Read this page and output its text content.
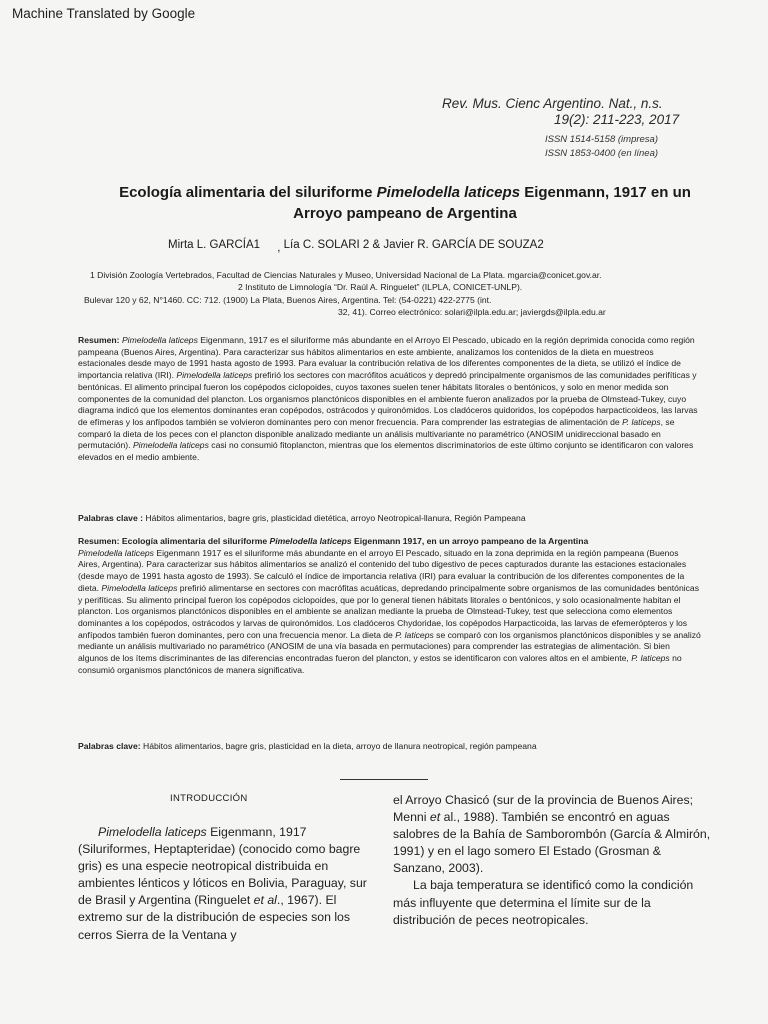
Machine Translated by Google
Rev. Mus. Cienc Argentino. Nat., n.s.
19(2): 211-223, 2017
ISSN 1514-5158 (impresa)
ISSN 1853-0400 (en línea)
Ecología alimentaria del siluriforme Pimelodella laticeps Eigenmann, 1917 en un
Arroyo pampeano de Argentina
Mirta L. GARCÍA1 , Lía C. SOLARI 2 & Javier R. GARCÍA DE SOUZA2
1 División Zoología Vertebrados, Facultad de Ciencias Naturales y Museo, Universidad Nacional de La Plata. mgarcia@conicet.gov.ar.
2 Instituto de Limnología “Dr. Raúl A. Ringuelet” (ILPLA, CONICET-UNLP).
Bulevar 120 y 62, N°1460. CC: 712. (1900) La Plata, Buenos Aires, Argentina. Tel: (54-0221) 422-2775 (int.
32, 41). Correo electrónico: solari@ilpla.edu.ar; javiergds@ilpla.edu.ar
Resumen: Pimelodella laticeps Eigenmann, 1917 es el siluriforme más abundante en el Arroyo El Pescado, ubicado en la región deprimida conocida como región pampeana (Buenos Aires, Argentina). Para caracterizar sus hábitos alimentarios en este ambiente, analizamos los contenidos de la dieta en muestreos estacionales desde mayo de 1991 hasta agosto de 1993. Para evaluar la contribución relativa de los diferentes componentes de la dieta, se utilizó el índice de importancia relativa (IRI). Pimelodella laticeps prefirió los sectores con macrófitos acuáticos y depredó principalmente organismos de las comunidades perifíticas y bentónicas. El alimento principal fueron los copépodos ciclopoides, cuyos taxones suelen tener hábitats litorales o bentónicos, y solo en menor medida son componentes de la comunidad del plancton. Los organismos planctónicos disponibles en el ambiente fueron analizados por la prueba de Olmstead-Tukey, cuyo diagrama indicó que los elementos dominantes eran copépodos, ostrácodos y quironómidos. Los cladóceros quidoridos, los copépodos harpacticoideos, las larvas de efímeras y los anfípodos también se volvieron dominantes pero con menor frecuencia. Para comprender las estrategias de alimentación de P. laticeps, se comparó la dieta de los peces con el plancton disponible analizado mediante un análisis multivariante no paramétrico (ANOSIM unidireccional basado en permutación). Pimelodella laticeps casi no consumió fitoplancton, mientras que los elementos discriminatorios de este último conjunto se identificaron con valores elevados en el medio ambiente.
Palabras clave : Hábitos alimentarios, bagre gris, plasticidad dietética, arroyo Neotropical-llanura, Región Pampeana
Resumen: Ecología alimentaria del siluriforme Pimelodella laticeps Eigenmann 1917, en un arroyo pampeano de la Argentina
Pimelodella laticeps Eigenmann 1917 es el siluriforme más abundante en el arroyo El Pescado, situado en la zona deprimida en la región pampeana (Buenos Aires, Argentina). Para caracterizar sus hábitos alimentarios se analizó el contenido del tubo digestivo de peces capturados durante las estaciones estacionales (desde mayo de 1991 hasta agosto de 1993). Se calculó el índice de importancia relativa (IRI) para evaluar la contribución de los diferentes componentes de la dieta. Pimelodella laticeps prefirió alimentarse en sectores con macrófitas acuáticas, depredando principalmente sobre organismos de las comunidades bentónicas y perifíticas. Su alimento principal fueron los copépodos ciclopoides, que por lo general tienen hábitats litorales o bentónicos, y solo ocasionalmente habitan el plancton. Los organismos planctónicos disponibles en el ambiente se analizan mediante la prueba de Olmstead-Tukey, test que selecciona como elementos dominantes a los copépodos, ostrácodos y larvas de quironómidos. Los cladóceros Chydoridae, los copépodos Harpacticoida, las larvas de efemerópteros y los anfípodos también fueron dominantes, pero con una frecuencia menor. La dieta de P. laticeps se comparó con los organismos planctónicos disponibles y se analizó mediante un análisis multivariado no paramétrico (ANOSIM de una vía basada en permutaciones) para comprender las estrategias de alimentación. Si bien algunos de los ítems discriminantes de las diferencias encontradas fueron del plancton, y estos se identificaron con valores altos en el ambiente, P. laticeps no consumió organismos planctónicos de manera significativa.
Palabras clave: Hábitos alimentarios, bagre gris, plasticidad en la dieta, arroyo de llanura neotropical, región pampeana
INTRODUCCIÓN
Pimelodella laticeps Eigenmann, 1917 (Siluriformes, Heptapteridae) (conocido como bagre gris) es una especie neotropical distribuida en ambientes lénticos y lóticos en Bolivia, Paraguay, sur de Brasil y Argentina (Ringuelet et al., 1967). El extremo sur de la distribución de especies son los cerros Sierra de la Ventana y
el Arroyo Chasicó (sur de la provincia de Buenos Aires; Menni et al., 1988). También se encontró en aguas salobres de la Bahía de Samborombón (García & Almirón, 1991) y en el lago somero El Estado (Grosman & Sanzano, 2003).
La baja temperatura se identificó como la condición más influyente que determina el límite sur de la distribución de peces neotropicales.
